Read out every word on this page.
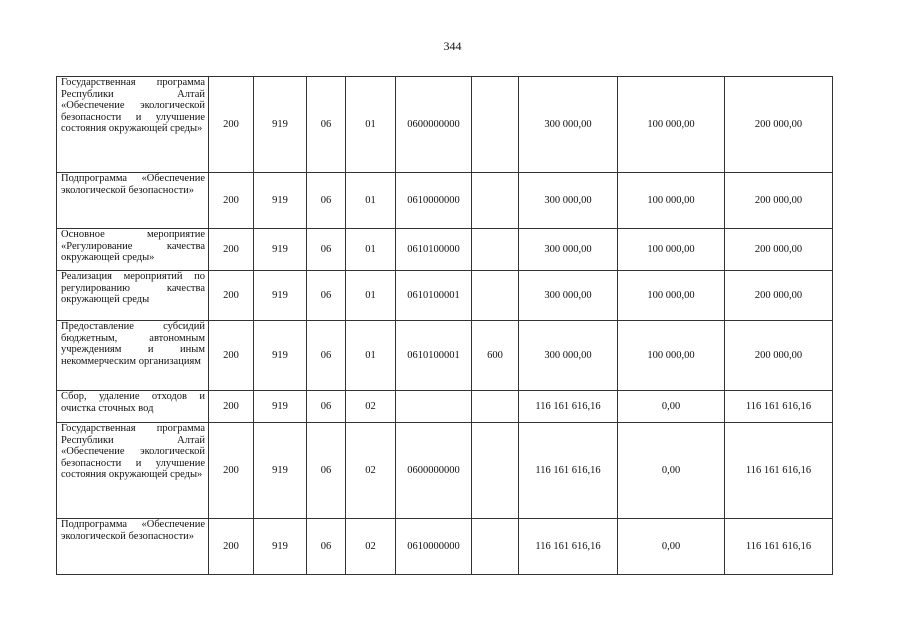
344
Государственная программа Республики Алтай «Обеспечение экологической безопасности и улучшение состояния окружающей среды»	200	919	06	01	0600000000		300 000,00	100 000,00	200 000,00
Подпрограмма «Обеспечение экологической безопасности»	200	919	06	01	0610000000		300 000,00	100 000,00	200 000,00
Основное мероприятие «Регулирование качества окружающей среды»	200	919	06	01	0610100000		300 000,00	100 000,00	200 000,00
Реализация мероприятий по регулированию качества окружающей среды	200	919	06	01	0610100001		300 000,00	100 000,00	200 000,00
Предоставление субсидий бюджетным, автономным учреждениям и иным некоммерческим организациям	200	919	06	01	0610100001	600	300 000,00	100 000,00	200 000,00
Сбор, удаление отходов и очистка сточных вод	200	919	06	02			116 161 616,16	0,00	116 161 616,16
Государственная программа Республики Алтай «Обеспечение экологической безопасности и улучшение состояния окружающей среды»	200	919	06	02	0600000000		116 161 616,16	0,00	116 161 616,16
Подпрограмма «Обеспечение экологической безопасности»	200	919	06	02	0610000000		116 161 616,16	0,00	116 161 616,16
